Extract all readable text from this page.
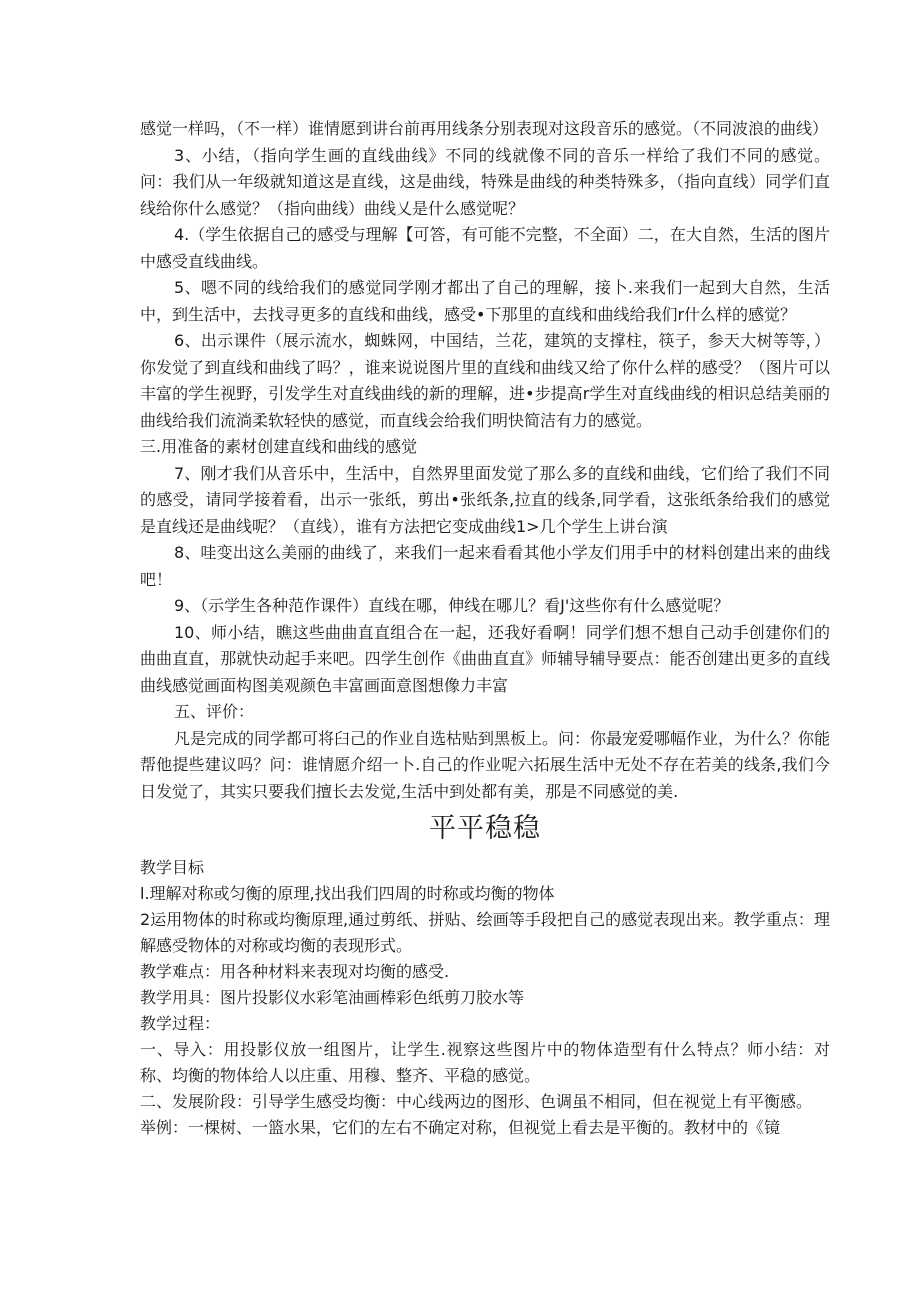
感觉一样吗，（不一样）谁情愿到讲台前再用线条分别表现对这段音乐的感觉。（不同波浪的曲线）

3、小结，（指向学生画的直线曲线》不同的线就像不同的音乐一样给了我们不同的感觉。问：我们从一年级就知道这是直线，这是曲线，特殊是曲线的种类特殊多，（指向直线）同学们直线给你什么感觉？（指向曲线）曲线乂是什么感觉呢？

4.（学生依据自己的感受与理解【可答，有可能不完整，不全面）二，在大自然，生活的图片中感受直线曲线。

5、嗯不同的线给我们的感觉同学刚才都出了自己的理解，接卜.来我们一起到大自然，生活中，到生活中，去找寻更多的直线和曲线，感受•下那里的直线和曲线给我们r什么样的感觉？

6、出示课件（展示流水，蜘蛛网，中国结，兰花，建筑的支撑柱，筷子，参天大树等等，）你发觉了到直线和曲线了吗？，谁来说说图片里的直线和曲线又给了你什么样的感受？（图片可以丰富的学生视野，引发学生对直线曲线的新的理解，进•步提高r学生对直线曲线的相识总结美丽的曲线给我们流淌柔软轻快的感觉，而直线会给我们明快简洁有力的感觉。

三.用准备的素材创建直线和曲线的感觉

7、刚才我们从音乐中，生活中，自然界里面发觉了那么多的直线和曲线，它们给了我们不同的感受，请同学接着看，出示一张纸，剪出•张纸条,拉直的线条,同学看，这张纸条给我们的感觉是直线还是曲线呢？（直线），谁有方法把它变成曲线1>几个学生上讲台演

8、哇变出这么美丽的曲线了，来我们一起来看看其他小学友们用手中的材料创建出来的曲线吧！

9、（示学生各种范作课件）直线在哪，伸线在哪儿？看J'这些你有什么感觉呢？

10、师小结，瞧这些曲曲直直组合在一起，还我好看啊！同学们想不想自己动手创建你们的曲曲直直，那就快动起手来吧。四学生创作《曲曲直直》师辅导辅导要点：能否创建出更多的直线曲线感觉画面构图美观颜色丰富画面意图想像力丰富

五、评价：

凡是完成的同学都可将臼己的作业自选枯贴到黑板上。问：你最宠爱哪幅作业，为什么？你能帮他提些建议吗？问：谁情愿介绍一卜.自己的作业呢六拓展生活中无处不存在若美的线条,我们今日发觉了，其实只要我们擅长去发觉,生活中到处都有美，那是不同感觉的美.

平平稳稳

教学目标

l.理解对称或匀衡的原理,找出我们四周的时称或均衡的物体

2运用物体的时称或均衡原理,通过剪纸、拼贴、绘画等手段把自己的感觉表现出来。教学重点：理解感受物体的对称或均衡的表现形式。

教学难点：用各种材料来表现对均衡的感受.

教学用具：图片投影仪水彩笔油画棒彩色纸剪刀胶水等

教学过程：

一、导入：用投影仪放一组图片，让学生.视察这些图片中的物体造型有什么特点？师小结：对称、均衡的物体给人以庄重、用穆、整齐、平稳的感觉。

二、发展阶段：引导学生感受均衡：中心线两边的图形、色调虽不相同，但在视觉上有平衡感。

举例：一棵树、一篮水果，它们的左右不确定对称，但视觉上看去是平衡的。教材中的《镜
